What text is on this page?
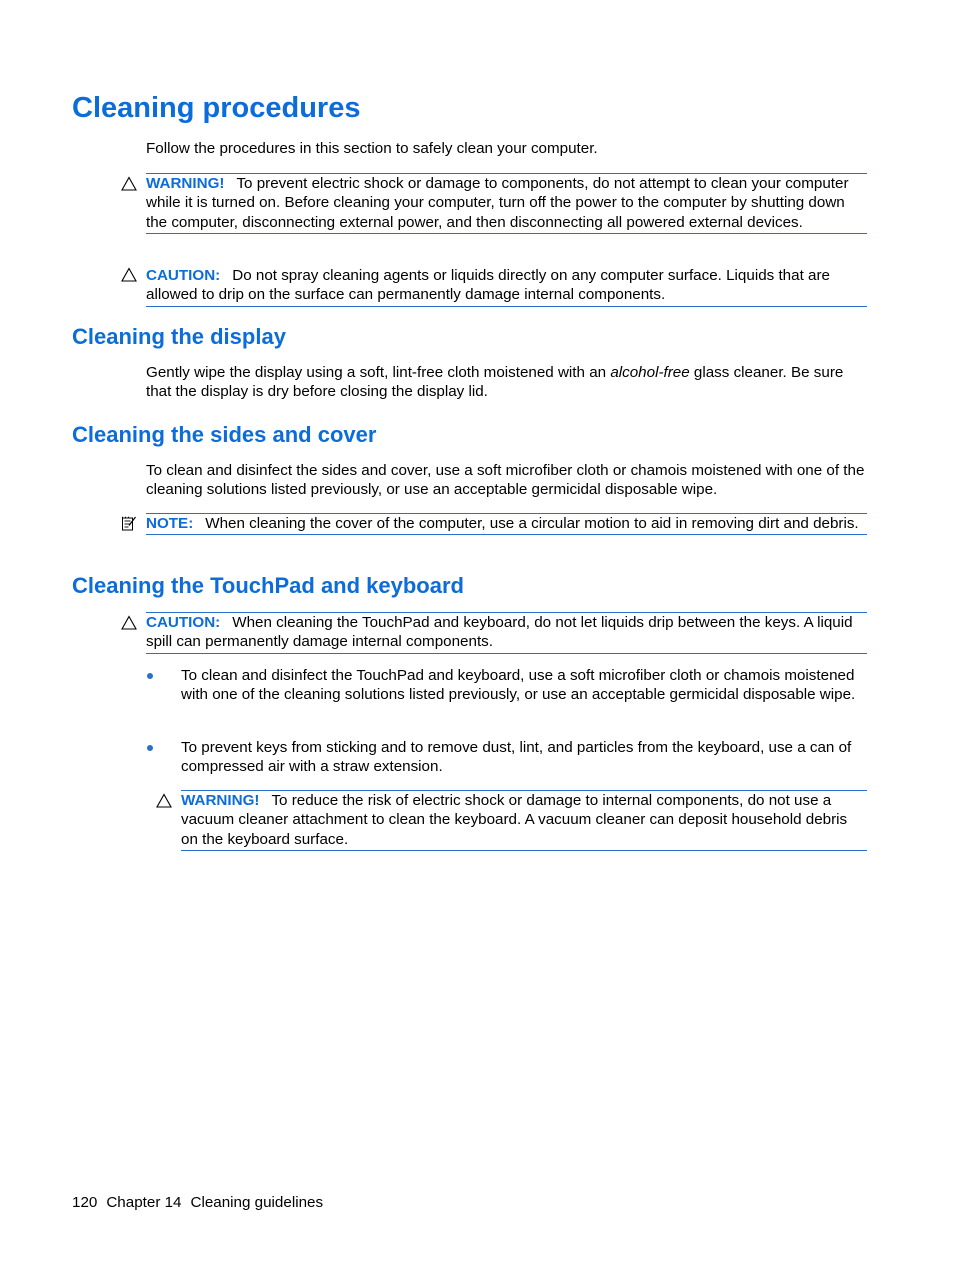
Cleaning procedures

Follow the procedures in this section to safely clean your computer.

WARNING! To prevent electric shock or damage to components, do not attempt to clean your computer while it is turned on. Before cleaning your computer, turn off the power to the computer by shutting down the computer, disconnecting external power, and then disconnecting all powered external devices.
CAUTION: Do not spray cleaning agents or liquids directly on any computer surface. Liquids that are allowed to drip on the surface can permanently damage internal components.
Cleaning the display

Gently wipe the display using a soft, lint-free cloth moistened with an alcohol-free glass cleaner. Be sure that the display is dry before closing the display lid.

Cleaning the sides and cover

To clean and disinfect the sides and cover, use a soft microfiber cloth or chamois moistened with one of the cleaning solutions listed previously, or use an acceptable germicidal disposable wipe.

NOTE: When cleaning the cover of the computer, use a circular motion to aid in removing dirt and debris.
Cleaning the TouchPad and keyboard
CAUTION: When cleaning the TouchPad and keyboard, do not let liquids drip between the keys. A liquid spill can permanently damage internal components.
To clean and disinfect the TouchPad and keyboard, use a soft microfiber cloth or chamois moistened with one of the cleaning solutions listed previously, or use an acceptable germicidal disposable wipe.
To prevent keys from sticking and to remove dust, lint, and particles from the keyboard, use a can of compressed air with a straw extension.
WARNING! To reduce the risk of electric shock or damage to internal components, do not use a vacuum cleaner attachment to clean the keyboard. A vacuum cleaner can deposit household debris on the keyboard surface.
120 Chapter 14 Cleaning guidelines
